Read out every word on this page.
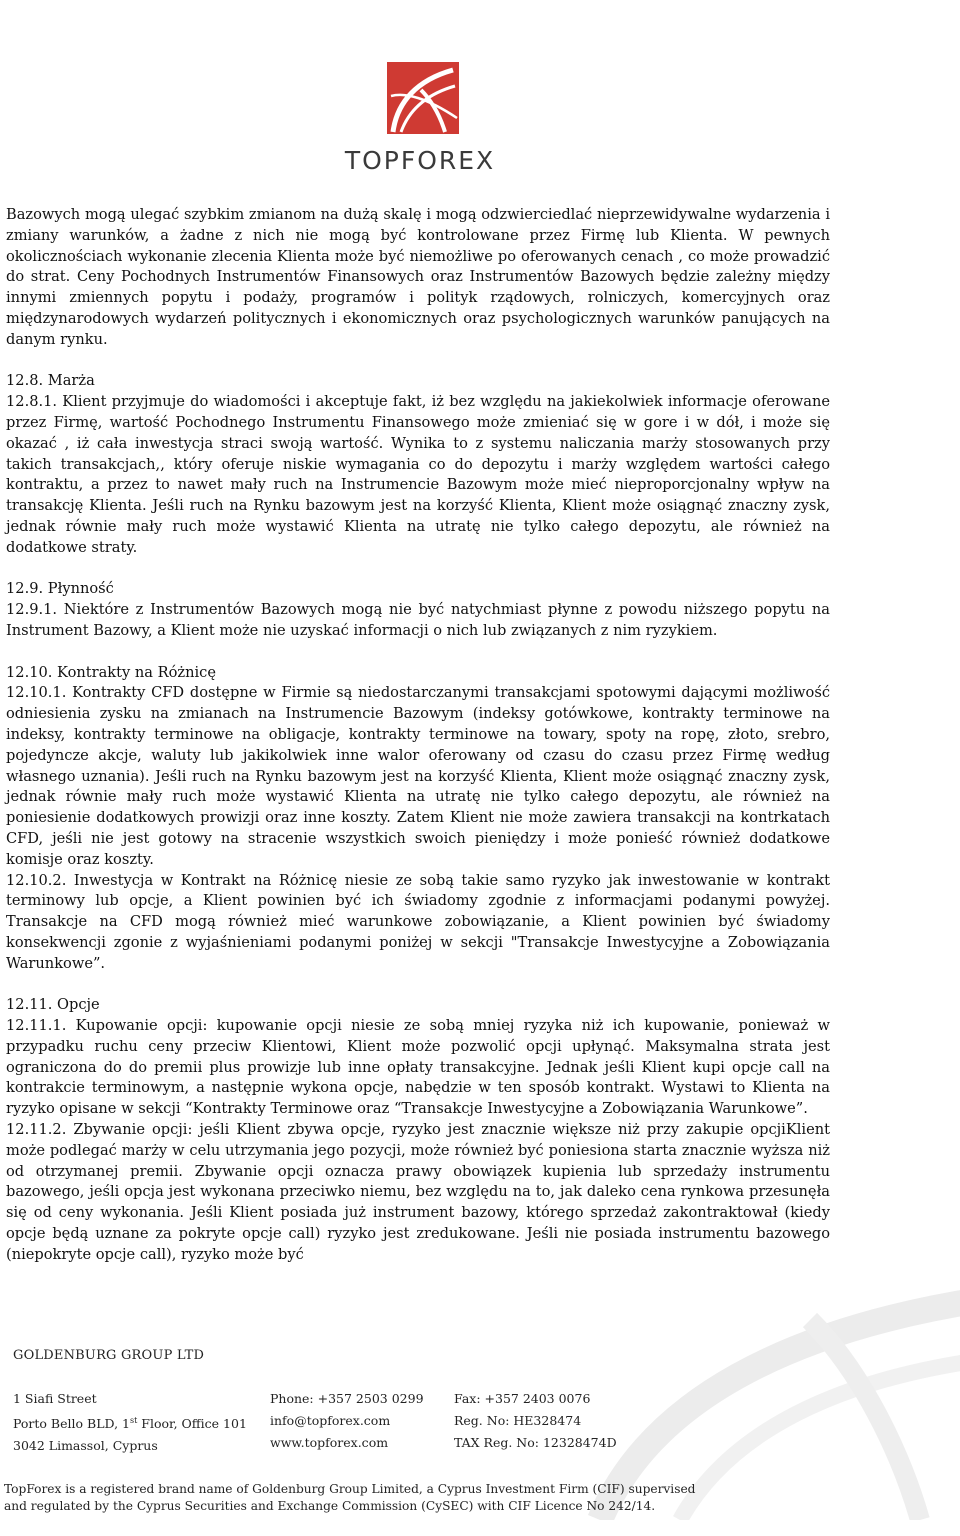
TOPFOREX

Bazowych mogą ulegać szybkim zmianom na dużą skalę i mogą odzwierciedlać nieprzewidywalne wydarzenia i zmiany warunków, a żadne z nich nie mogą być kontrolowane przez Firmę lub Klienta. W pewnych okolicznościach wykonanie zlecenia Klienta może być niemożliwe po oferowanych cenach , co może prowadzić do strat. Ceny Pochodnych Instrumentów Finansowych oraz Instrumentów Bazowych będzie zależny między innymi zmiennych popytu i podaży, programów i polityk rządowych, rolniczych, komercyjnych oraz międzynarodowych wydarzeń politycznych i ekonomicznych oraz psychologicznych warunków panujących na danym rynku.

12.8. Marża

12.8.1. Klient przyjmuje do wiadomości i akceptuje fakt, iż bez względu na jakiekolwiek informacje oferowane przez Firmę, wartość Pochodnego Instrumentu Finansowego może zmieniać się w gore i w dół, i może się okazać , iż cała inwestycja straci swoją wartość. Wynika to z systemu naliczania marży stosowanych przy takich transakcjach,, który oferuje niskie wymagania co do depozytu i marży względem wartości całego kontraktu, a przez to nawet mały ruch na Instrumencie Bazowym może mieć nieproporcjonalny wpływ na transakcję Klienta. Jeśli ruch na Rynku bazowym jest na korzyść Klienta, Klient może osiągnąć znaczny zysk, jednak równie mały ruch może wystawić Klienta na utratę nie tylko całego depozytu, ale również na dodatkowe straty.

12.9. Płynność

12.9.1. Niektóre z Instrumentów Bazowych mogą nie być natychmiast płynne z powodu niższego popytu na Instrument Bazowy, a Klient może nie uzyskać informacji o nich lub związanych z nim ryzykiem.

12.10. Kontrakty na Różnicę

12.10.1. Kontrakty CFD dostępne w Firmie są niedostarczanymi transakcjami spotowymi dającymi możliwość odniesienia zysku na zmianach na Instrumencie Bazowym (indeksy gotówkowe, kontrakty terminowe na indeksy, kontrakty terminowe na obligacje, kontrakty terminowe na towary, spoty na ropę, złoto, srebro, pojedyncze akcje, waluty lub jakikolwiek inne walor oferowany od czasu do czasu przez Firmę według własnego uznania). Jeśli ruch na Rynku bazowym jest na korzyść Klienta, Klient może osiągnąć znaczny zysk, jednak równie mały ruch może wystawić Klienta na utratę nie tylko całego depozytu, ale również na poniesienie dodatkowych prowizji oraz inne koszty. Zatem Klient nie może zawiera transakcji na kontrkatach CFD, jeśli nie jest gotowy na stracenie wszystkich swoich pieniędzy i może ponieść również dodatkowe komisje oraz koszty.

12.10.2. Inwestycja w Kontrakt na Różnicę niesie ze sobą takie samo ryzyko jak inwestowanie w kontrakt terminowy lub opcje, a Klient powinien być ich świadomy zgodnie z informacjami podanymi powyżej. Transakcje na CFD mogą również mieć warunkowe zobowiązanie, a Klient powinien być świadomy konsekwencji zgonie z wyjaśnieniami podanymi poniżej w sekcji "Transakcje Inwestycyjne a Zobowiązania Warunkowe”.

12.11. Opcje

12.11.1. Kupowanie opcji: kupowanie opcji niesie ze sobą mniej ryzyka niż ich kupowanie, ponieważ w przypadku ruchu ceny przeciw Klientowi, Klient może pozwolić opcji upłynąć. Maksymalna strata jest ograniczona do do premii plus prowizje lub inne opłaty transakcyjne. Jednak jeśli Klient kupi opcje call na kontrakcie terminowym, a następnie wykona opcje, nabędzie w ten sposób kontrakt. Wystawi to Klienta na ryzyko opisane w sekcji “Kontrakty Terminowe oraz “Transakcje Inwestycyjne a Zobowiązania Warunkowe”.

12.11.2. Zbywanie opcji: jeśli Klient zbywa opcje, ryzyko jest znacznie większe niż przy zakupie opcjiKlient może podlegać marży w celu utrzymania jego pozycji, może również być poniesiona starta znacznie wyższa niż od otrzymanej premii. Zbywanie opcji oznacza prawy obowiązek kupienia lub sprzedaży instrumentu bazowego, jeśli opcja jest wykonana przeciwko niemu, bez względu na to, jak daleko cena rynkowa przesunęła się od ceny wykonania. Jeśli Klient posiada już instrument bazowy, którego sprzedaż zakontraktował (kiedy opcje będą uznane za pokryte opcje call) ryzyko jest zredukowane. Jeśli nie posiada instrumentu bazowego (niepokryte opcje call), ryzyko może być

GOLDENBURG GROUP LTD
1 Siafi Street
Porto Bello BLD, 1st Floor, Office 101
3042 Limassol, Cyprus
Phone: +357 2503 0299
info@topforex.com
www.topforex.com
Fax: +357 2403 0076
Reg. No: HE328474
TAX Reg. No: 12328474D
TopForex is a registered brand name of Goldenburg Group Limited, a Cyprus Investment Firm (CIF) supervised
and regulated by the Cyprus Securities and Exchange Commission (CySEC) with CIF Licence No 242/14.
